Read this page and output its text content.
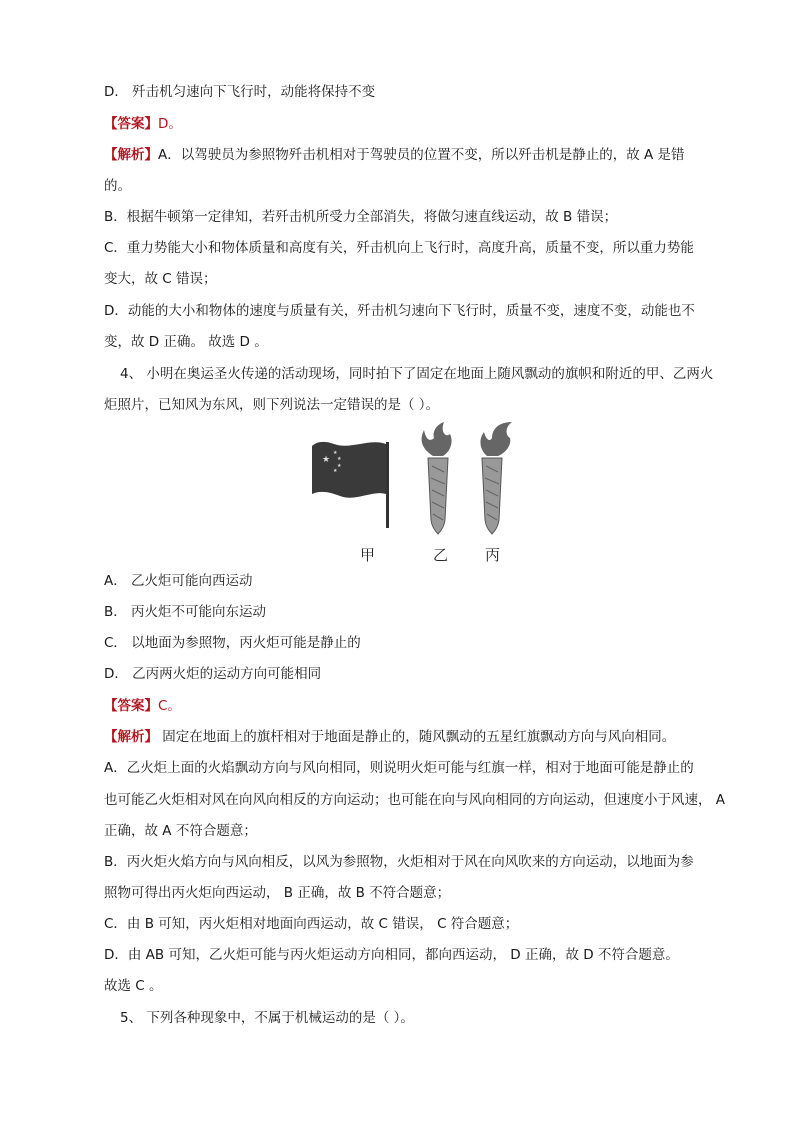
D． 歼击机匀速向下飞行时，动能将保持不变
【答案】D。
【解析】A．以驾驶员为参照物歼击机相对于驾驶员的位置不变，所以歼击机是静止的，故 A 是错
的。
B．根据牛顿第一定律知，若歼击机所受力全部消失，将做匀速直线运动，故 B 错误；
C．重力势能大小和物体质量和高度有关，歼击机向上飞行时，高度升高，质量不变，所以重力势能
变大，故 C 错误；
D．动能的大小和物体的速度与质量有关，歼击机匀速向下飞行时，质量不变，速度不变，动能也不
变，故 D 正确。 故选 D 。
4、 小明在奥运圣火传递的活动现场，同时拍下了固定在地面上随风飘动的旗帜和附近的甲、乙两火
炬照片，已知风为东风，则下列说法一定错误的是（ ）。
★
★
★
★
★
甲	乙 丙
A． 乙火炬可能向西运动
B． 丙火炬不可能向东运动
C． 以地面为参照物，丙火炬可能是静止的
D． 乙丙两火炬的运动方向可能相同
【答案】C。
【解析】 固定在地面上的旗杆相对于地面是静止的，随风飘动的五星红旗飘动方向与风向相同。
A．乙火炬上面的火焰飘动方向与风向相同，则说明火炬可能与红旗一样，相对于地面可能是静止的
也可能乙火炬相对风在向风向相反的方向运动；也可能在向与风向相同的方向运动，但速度小于风速， A
正确，故 A 不符合题意；
B．丙火炬火焰方向与风向相反，以风为参照物，火炬相对于风在向风吹来的方向运动，以地面为参
照物可得出丙火炬向西运动， B 正确，故 B 不符合题意；
C．由 B 可知，丙火炬相对地面向西运动，故 C 错误， C 符合题意；
D．由 AB 可知，乙火炬可能与丙火炬运动方向相同，都向西运动， D 正确，故 D 不符合题意。
故选 C 。
5、 下列各种现象中，不属于机械运动的是（ ）。
